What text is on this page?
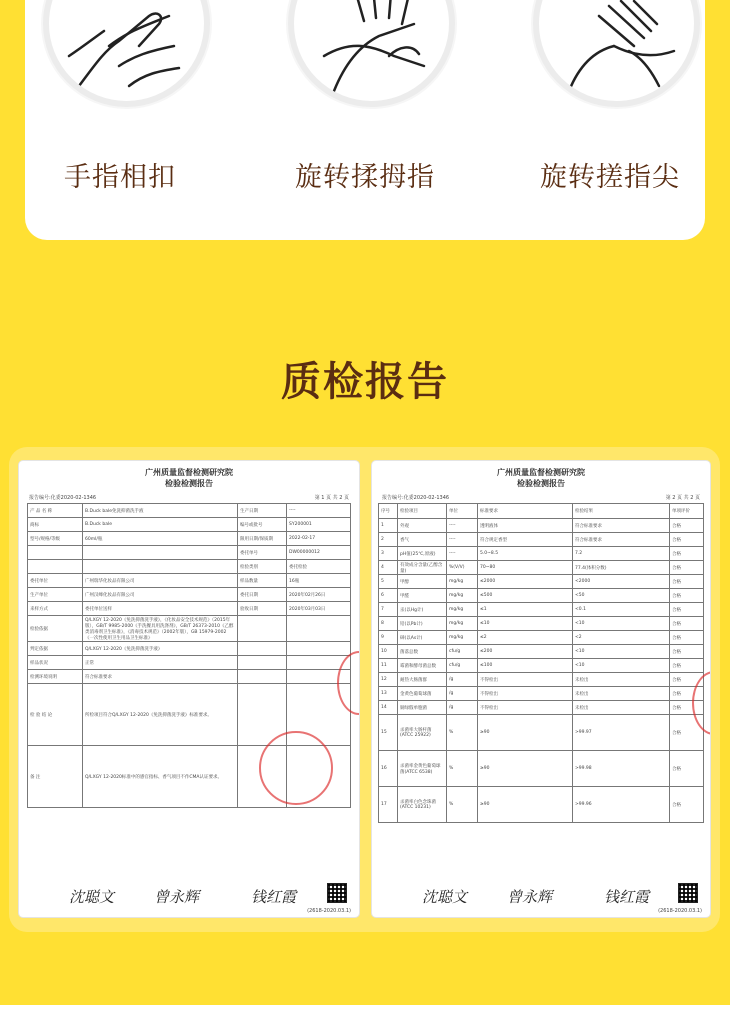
手指相扣	旋转揉拇指	旋转搓指尖
质检报告
广州质量监督检测研究院
检验检测报告
报告编号:化委2020-02-1346	第 1 页 共 2 页
产 品 名 称	B.Duck bale免洗抑菌洗手液	生产日期	----
商标	B.Duck bale	编号或批号	SY200001
型号/规格/等级	60ml/瓶	限用日期/保质期	2022-02-17
		委托单号	DW00000012
		检验类别	委托检验
委托单位	广州瑞华化妆品有限公司	样品数量	16瓶
生产单位	广州汉峰化妆品有限公司	委托日期	2020年02月26日
来样方式	委托单位送样	验收日期	2020年03月03日
检验依据	Q/LXGY 12-2020《免洗抑菌洗手液》，《化妆品安全技术规范》（2015年版），GB/T 9985-2000《手洗餐具用洗涤剂》，GB/T 26373-2010《乙醇类消毒剂卫生标准》，《消毒技术规范》（2002年版），GB 15979-2002《一次性使用卫生用品卫生标准》		
判定依据	Q/LXGY 12-2020《免洗抑菌洗手液》		
样品状况	正常		
检测环境说明	符合标准要求		
检 验 结 论	所检项目符合Q/LXGY 12-2020《免洗抑菌洗手液》标准要求。		
备 注	Q/LXGY 12-2020标准中的感官指标、香气项目不作CMA认证要求。		
沈聪文	曾永辉	钱红霞
(2618-2020.03.1)
广州质量监督检测研究院
检验检测报告
报告编号:化委2020-02-1346	第 2 页 共 2 页
序号	检验项目	单位	标准要求	检验结果	单项评价
1	外观	----	透明液体	符合标准要求	合格
2	香气	----	符合规定香型	符合标准要求	合格
3	pH值(25℃,原液)	----	5.0~8.5	7.2	合格
4	有效成分含量(乙醇含量)	%(V/V)	70~80	77.4(体积分数)	合格
5	甲醇	mg/kg	≤2000	<2000	合格
6	甲醛	mg/kg	≤500	<50	合格
7	汞(以Hg计)	mg/kg	≤1	<0.1	合格
8	铅(以Pb计)	mg/kg	≤10	<10	合格
9	砷(以As计)	mg/kg	≤2	<2	合格
10	菌落总数	cfu/g	≤200	<10	合格
11	霉菌和酵母菌总数	cfu/g	≤100	<10	合格
12	耐热大肠菌群	/g	不得检出	未检出	合格
13	金黄色葡萄球菌	/g	不得检出	未检出	合格
14	铜绿假单胞菌	/g	不得检出	未检出	合格
15	杀菌率大肠杆菌(ATCC 25922)	%	≥90	>99.97	合格
16	杀菌率金黄色葡萄球菌(ATCC 6538)	%	≥90	>99.98	合格
17	杀菌率白色念珠菌(ATCC 10231)	%	≥90	>99.96	合格
沈聪文	曾永辉	钱红霞
(2618-2020.03.1)
